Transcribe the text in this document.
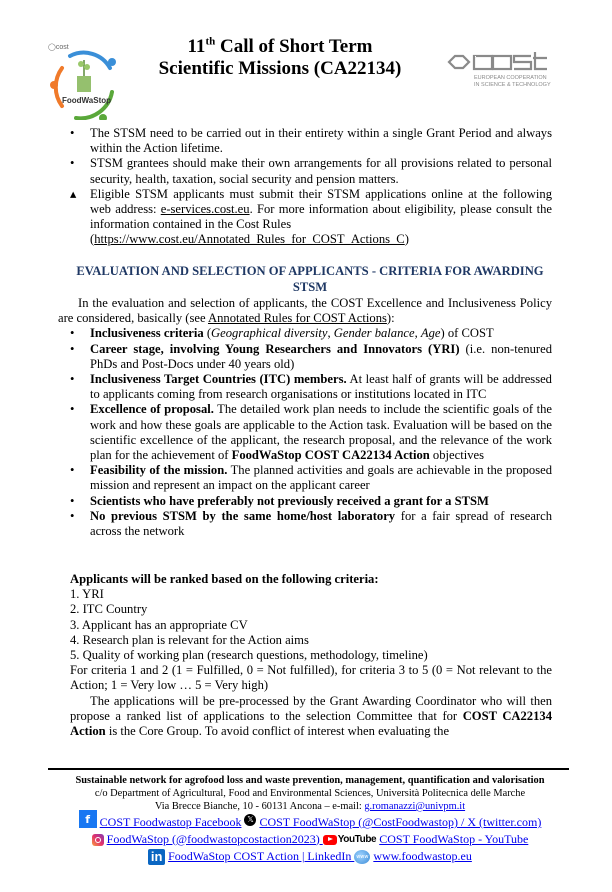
◯cost
FoodWaStop
11th Call of Short Term
Scientific Missions (CA22134)	EUROPEAN COOPERATION
IN SCIENCE & TECHNOLOGY
•	The STSM need to be carried out in their entirety within a single Grant Period and always within the Action lifetime.
•	STSM grantees should make their own arrangements for all provisions related to personal security, health, taxation, social security and pension matters.
▴	Eligible STSM applicants must submit their STSM applications online at the following web address: e-services.cost.eu. For more information about eligibility, please consult the information contained in the Cost Rules
(https://www.cost.eu/Annotated_Rules_for_COST_Actions_C)
EVALUATION AND SELECTION OF APPLICANTS - CRITERIA FOR AWARDING STSM

In the evaluation and selection of applicants, the COST Excellence and Inclusiveness Policy are considered, basically (see Annotated Rules for COST Actions):

•	Inclusiveness criteria (Geographical diversity, Gender balance, Age) of COST
•	Career stage, involving Young Researchers and Innovators (YRI) (i.e. non-tenured PhDs and Post-Docs under 40 years old)
•	Inclusiveness Target Countries (ITC) members. At least half of grants will be addressed to applicants coming from research organisations or institutions located in ITC
•	Excellence of proposal. The detailed work plan needs to include the scientific goals of the work and how these goals are applicable to the Action task. Evaluation will be based on the scientific excellence of the applicant, the research proposal, and the relevance of the work plan for the achievement of FoodWaStop COST CA22134 Action objectives
•	Feasibility of the mission. The planned activities and goals are achievable in the proposed mission and represent an impact on the applicant career
•	Scientists who have preferably not previously received a grant for a STSM
•	No previous STSM by the same home/host laboratory for a fair spread of research across the network
Applicants will be ranked based on the following criteria:
1. YRI
2. ITC Country
3. Applicant has an appropriate CV
4. Research plan is relevant for the Action aims
5. Quality of working plan (research questions, methodology, timeline)

For criteria 1 and 2 (1 = Fulfilled, 0 = Not fulfilled), for criteria 3 to 5 (0 = Not relevant to the Action; 1 = Very low … 5 = Very high)

The applications will be pre-processed by the Grant Awarding Coordinator who will then propose a ranked list of applications to the selection Committee that for COST CA22134 Action is the Core Group. To avoid conflict of interest when evaluating the

Sustainable network for agrofood loss and waste prevention, management, quantification and valorisation
c/o Department of Agricultural, Food and Environmental Sciences, Università Politecnica delle Marche
Via Brecce Bianche, 10 - 60131 Ancona – e-mail: g.romanazzi@univpm.it
f COST Foodwastop Facebook 𝕏 COST FoodWaStop (@CostFoodwastop) / X (twitter.com)
FoodWaStop (@foodwastopcostaction2023) YouTube COST FoodWaStop - YouTube
in FoodWaStop COST Action | LinkedIn www www.foodwastop.eu
